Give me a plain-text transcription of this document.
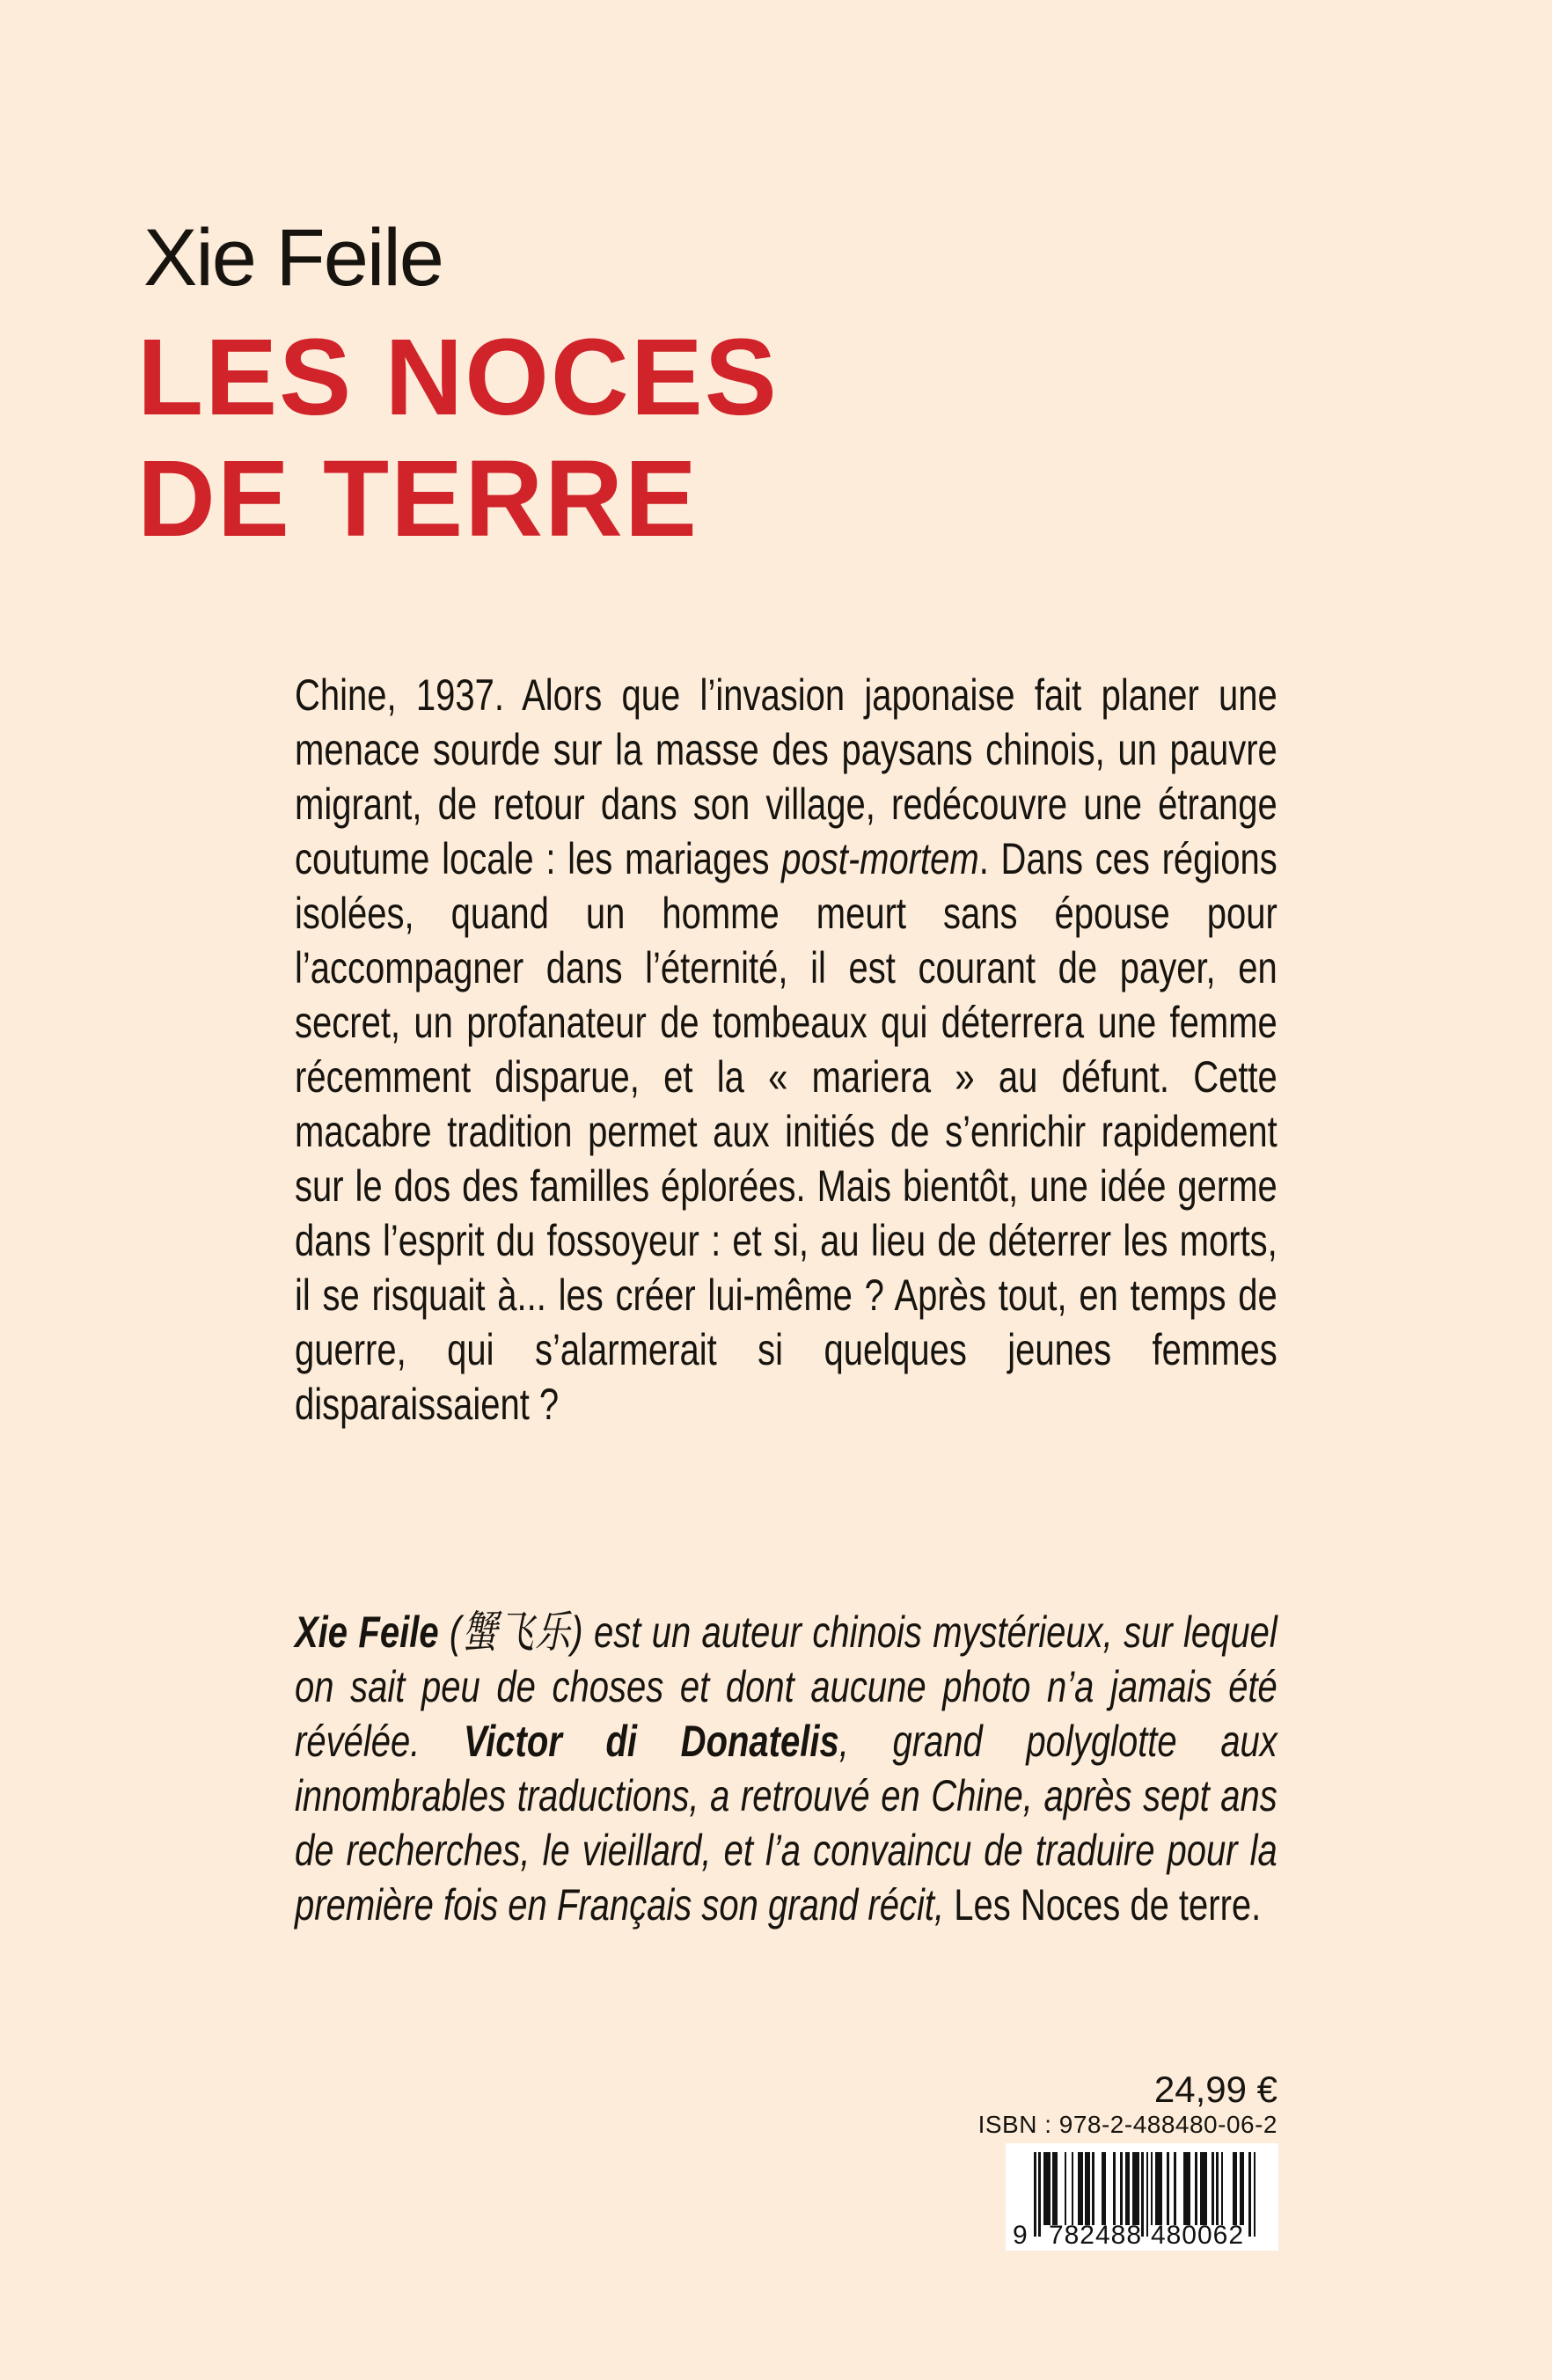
Xie Feile
LES NOCES
DE TERRE

Chine, 1937. Alors que l’invasion japonaise fait planer une menace sourde sur la masse des paysans chinois, un pauvre migrant, de retour dans son village, redécouvre une étrange coutume locale : les mariages post-mortem. Dans ces régions isolées, quand un homme meurt sans épouse pour l’accompagner dans l’éternité, il est courant de payer, en secret, un profanateur de tombeaux qui déterrera une femme récemment disparue, et la « mariera » au défunt. Cette macabre tradition permet aux initiés de s’enrichir rapidement sur le dos des familles éplorées. Mais bientôt, une idée germe dans l’esprit du fossoyeur : et si, au lieu de déterrer les morts, il se risquait à... les créer lui-même ? Après tout, en temps de guerre, qui s’alarmerait si quelques jeunes femmes disparaissaient ?

Xie Feile (蟹飞乐) est un auteur chinois mystérieux, sur lequel on sait peu de choses et dont aucune photo n’a jamais été révélée. Victor di Donatelis, grand polyglotte aux innombrables traductions, a retrouvé en Chine, après sept ans de recherches, le vieillard, et l’a convaincu de traduire pour la première fois en Français son grand récit, Les Noces de terre.

24,99 €
ISBN : 978-2-488480-06-2
9 782488 480062
